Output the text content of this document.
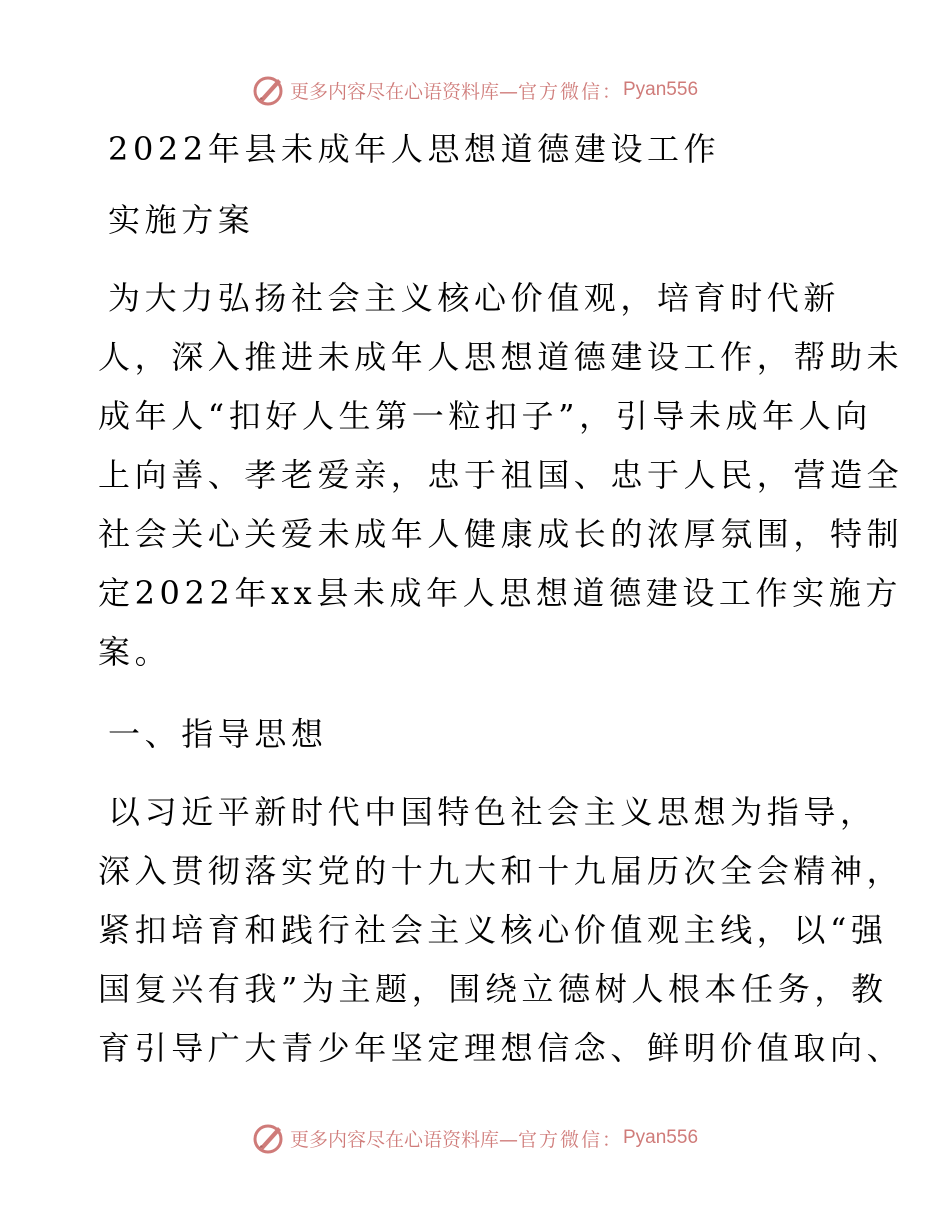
更多内容尽在心语资料库— 官方微信： Pyan556

2022年县未成年人思想道德建设工作

实施方案

为大力弘扬社会主义核心价值观，培育时代新

人，深入推进未成年人思想道德建设工作，帮助未

成年人“扣好人生第一粒扣子”，引导未成年人向

上向善、孝老爱亲，忠于祖国、忠于人民，营造全

社会关心关爱未成年人健康成长的浓厚氛围，特制

定2022年xx县未成年人思想道德建设工作实施方

案。

一、指导思想

以习近平新时代中国特色社会主义思想为指导，

深入贯彻落实党的十九大和十九届历次全会精神，

紧扣培育和践行社会主义核心价值观主线，以“强

国复兴有我”为主题，围绕立德树人根本任务，教

育引导广大青少年坚定理想信念、鲜明价值取向、

更多内容尽在心语资料库— 官方微信： Pyan556
